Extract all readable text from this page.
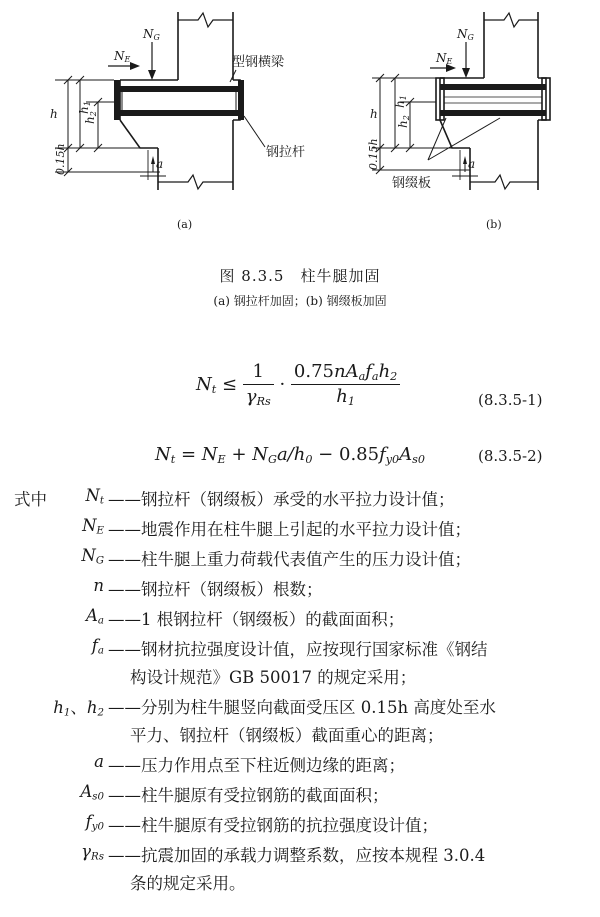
NG
NE	型钢横梁
钢拉杆
h h1
h2
0.15h	a
(a)
NG
NE
钢缀板
h
h1
h2
0.15h	a
(b)
图 8.3.5　柱牛腿加固
(a) 钢拉杆加固；(b) 钢缀板加固
$N_t \le \frac{1}{\gamma_{Rs}} \cdot \frac{0.75nA_af_ah_2}{h_1}$	(8.3.5-1)
$N_t = N_E + N_Ga/h_0 - 0.85f_{y0}A_{s0}$	(8.3.5-2)
式中	$N_t$ ——钢拉杆（钢缀板）承受的水平拉力设计值；
$N_E$ ——地震作用在柱牛腿上引起的水平拉力设计值；
$N_G$ ——柱牛腿上重力荷载代表值产生的压力设计值；
n ——钢拉杆（钢缀板）根数；
$A_a$ ——1 根钢拉杆（钢缀板）的截面面积；
$f_a$ ——钢材抗拉强度设计值，应按现行国家标准《钢结
构设计规范》GB 50017 的规定采用；
$h_1$、$h_2$ ——分别为柱牛腿竖向截面受压区 0.15h 高度处至水
平力、钢拉杆（钢缀板）截面重心的距离；
a ——压力作用点至下柱近侧边缘的距离；
$A_{s0}$ ——柱牛腿原有受拉钢筋的截面面积；
$f_{y0}$ ——柱牛腿原有受拉钢筋的抗拉强度设计值；
$\gamma_{Rs}$ ——抗震加固的承载力调整系数，应按本规程 3.0.4
条的规定采用。
